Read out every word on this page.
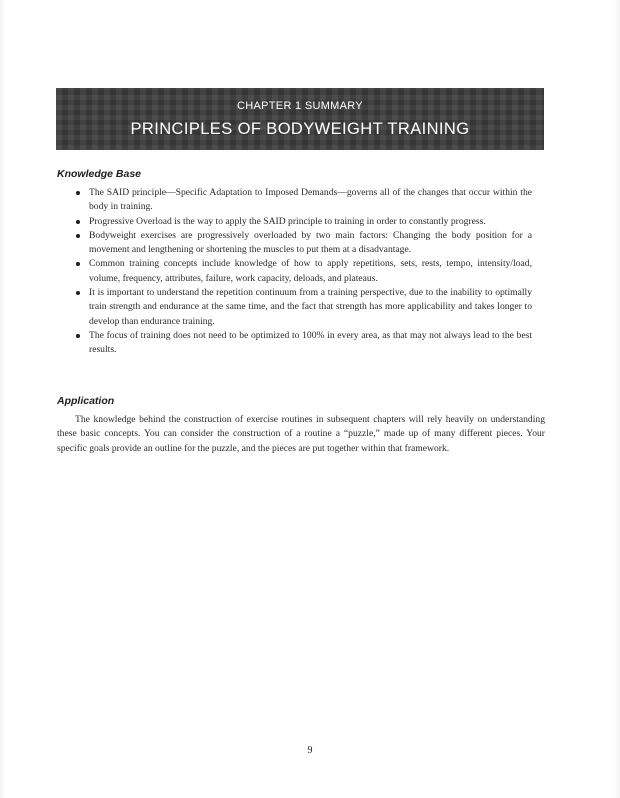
CHAPTER 1 SUMMARY
PRINCIPLES OF BODYWEIGHT TRAINING
Knowledge Base
The SAID principle—Specific Adaptation to Imposed Demands—governs all of the changes that occur within the body in training.
Progressive Overload is the way to apply the SAID principle to training in order to constantly progress.
Bodyweight exercises are progressively overloaded by two main factors: Changing the body position for a movement and lengthening or shortening the muscles to put them at a disadvantage.
Common training concepts include knowledge of how to apply repetitions, sets, rests, tempo, intensity/load, volume, frequency, attributes, failure, work capacity, deloads, and plateaus.
It is important to understand the repetition continuum from a training perspective, due to the inability to optimally train strength and endurance at the same time, and the fact that strength has more applicability and takes longer to develop than endurance training.
The focus of training does not need to be optimized to 100% in every area, as that may not always lead to the best results.
Application

The knowledge behind the construction of exercise routines in subsequent chapters will rely heavily on understanding these basic concepts. You can consider the construction of a routine a “puzzle,” made up of many different pieces. Your specific goals provide an outline for the puzzle, and the pieces are put together within that framework.

9
